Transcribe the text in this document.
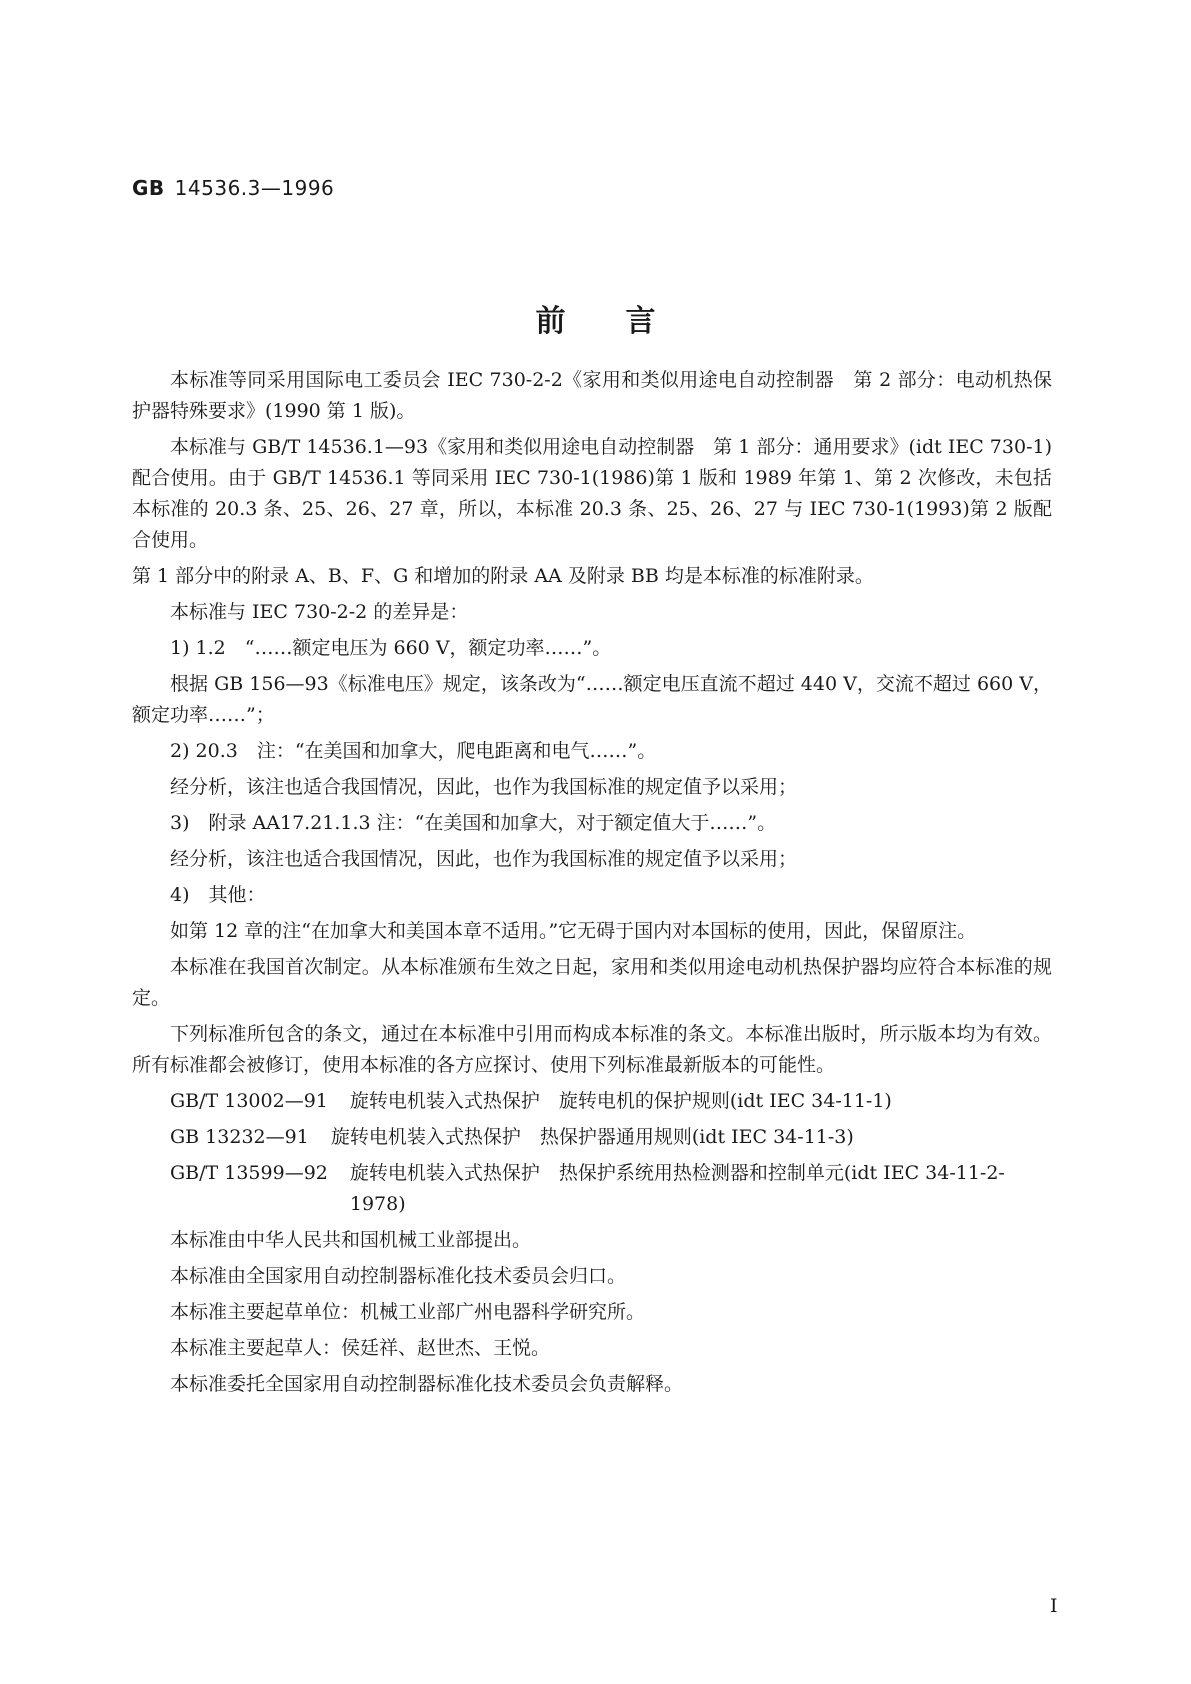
GB 14536.3—1996
前言

本标准等同采用国际电工委员会 IEC 730-2-2《家用和类似用途电自动控制器　第 2 部分：电动机热保护器特殊要求》(1990 第 1 版)。

本标准与 GB/T 14536.1—93《家用和类似用途电自动控制器　第 1 部分：通用要求》(idt IEC 730-1)配合使用。由于 GB/T 14536.1 等同采用 IEC 730-1(1986)第 1 版和 1989 年第 1、第 2 次修改，未包括本标准的 20.3 条、25、26、27 章，所以，本标准 20.3 条、25、26、27 与 IEC 730-1(1993)第 2 版配合使用。

第 1 部分中的附录 A、B、F、G 和增加的附录 AA 及附录 BB 均是本标准的标准附录。

本标准与 IEC 730-2-2 的差异是：

1) 1.2　“……额定电压为 660 V，额定功率……”。

根据 GB 156—93《标准电压》规定，该条改为“……额定电压直流不超过 440 V，交流不超过 660 V，额定功率……”；

2) 20.3　注：“在美国和加拿大，爬电距离和电气……”。

经分析，该注也适合我国情况，因此，也作为我国标准的规定值予以采用；

3)　附录 AA17.21.1.3 注：“在美国和加拿大，对于额定值大于……”。

经分析，该注也适合我国情况，因此，也作为我国标准的规定值予以采用；

4)　其他：

如第 12 章的注“在加拿大和美国本章不适用。”它无碍于国内对本国标的使用，因此，保留原注。

本标准在我国首次制定。从本标准颁布生效之日起，家用和类似用途电动机热保护器均应符合本标准的规定。

下列标准所包含的条文，通过在本标准中引用而构成本标准的条文。本标准出版时，所示版本均为有效。所有标准都会被修订，使用本标准的各方应探讨、使用下列标准最新版本的可能性。

GB/T 13002—91	旋转电机装入式热保护　旋转电机的保护规则(idt IEC 34-11-1)
GB 13232—91	旋转电机装入式热保护　热保护器通用规则(idt IEC 34-11-3)
GB/T 13599—92	旋转电机装入式热保护　热保护系统用热检测器和控制单元(idt IEC 34-11-2-1978)

本标准由中华人民共和国机械工业部提出。

本标准由全国家用自动控制器标准化技术委员会归口。

本标准主要起草单位：机械工业部广州电器科学研究所。

本标准主要起草人：侯廷祥、赵世杰、王悦。

本标准委托全国家用自动控制器标准化技术委员会负责解释。

I
